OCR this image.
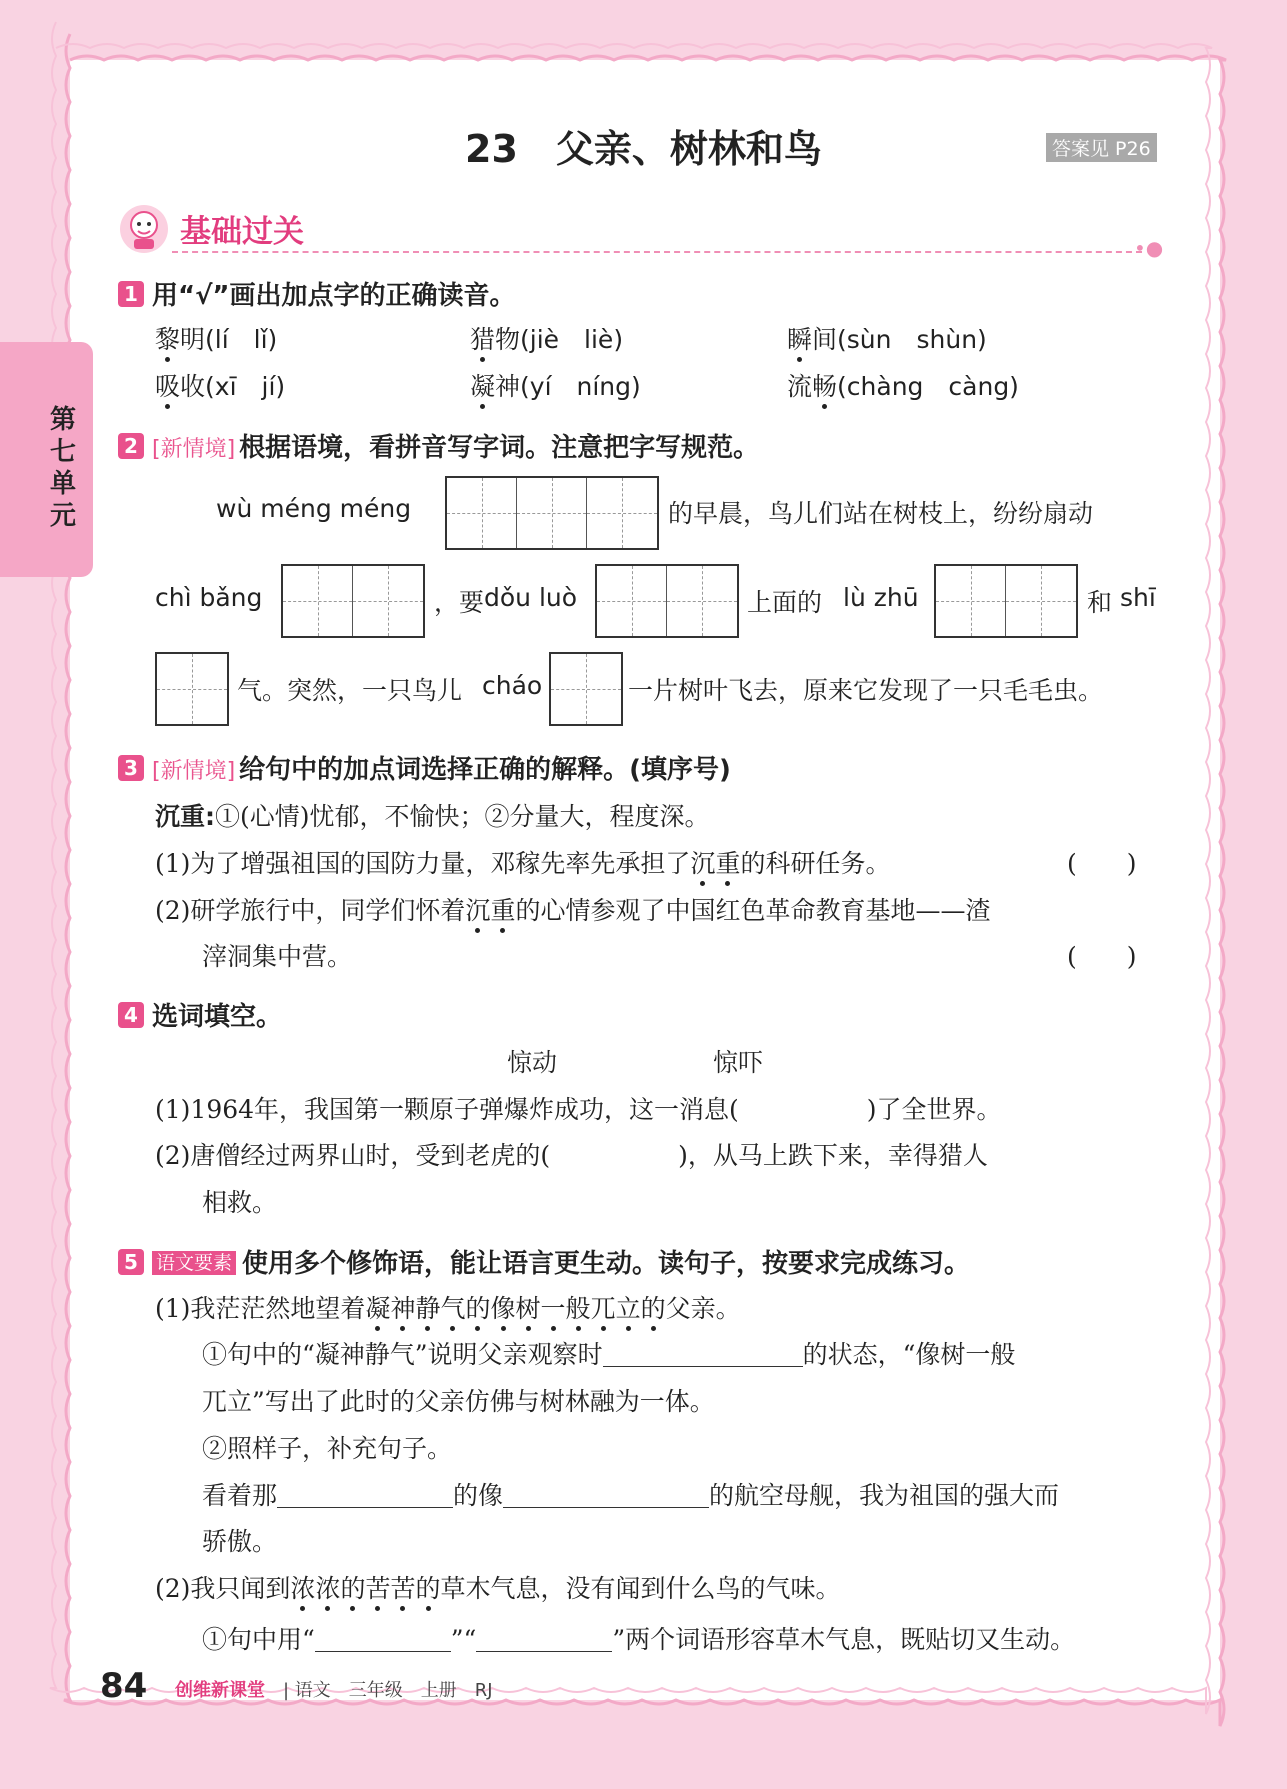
第七单元
23　父亲、树林和鸟	答案见 P26
基础过关	•●
1 用“√”画出加点字的正确读音。
黎明(lí　lǐ)	猎物(jiè　liè)	瞬间(sùn　shùn)
吸收(xī　jí)	凝神(yí　níng)	流畅(chàng　càng)
2 [新情境] 根据语境，看拼音写字词。注意把字写规范。
wù méng méng	的早晨，鸟儿们站在树枝上，纷纷扇动
chì bǎng	，要 dǒu luò	上面的 lù zhū	和 shī
气。突然，一只鸟儿 cháo	一片树叶飞去，原来它发现了一只毛毛虫。
3 [新情境] 给句中的加点词选择正确的解释。(填序号)
沉重:①(心情)忧郁，不愉快；②分量大，程度深。
(1)为了增强祖国的国防力量，邓稼先率先承担了沉重的科研任务。	(　　)
(2)研学旅行中，同学们怀着沉重的心情参观了中国红色革命教育基地——渣
滓洞集中营。	(　　)
4 选词填空。
惊动	惊吓
(1)1964年，我国第一颗原子弹爆炸成功，这一消息(	)了全世界。
(2)唐僧经过两界山时，受到老虎的(	)，从马上跌下来，幸得猎人
相救。
5 语文要素 使用多个修饰语，能让语言更生动。读句子，按要求完成练习。
(1)我茫茫然地望着凝神静气的像树一般兀立的父亲。
①句中的“凝神静气”说明父亲观察时	的状态，“像树一般
兀立”写出了此时的父亲仿佛与树林融为一体。
②照样子，补充句子。
看着那	的像	的航空母舰，我为祖国的强大而
骄傲。
(2)我只闻到浓浓的苦苦的草木气息，没有闻到什么鸟的气味。
①句中用“	”“	”两个词语形容草木气息，既贴切又生动。
84 创维新课堂 | 语文　三年级　上册　RJ
